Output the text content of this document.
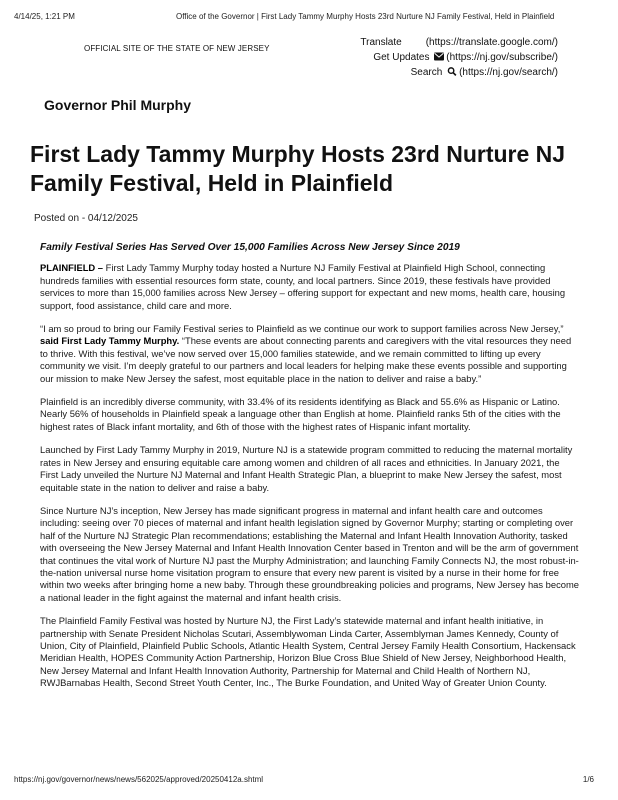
4/14/25, 1:21 PM	Office of the Governor | First Lady Tammy Murphy Hosts 23rd Nurture NJ Family Festival, Held in Plainfield
OFFICIAL SITE OF THE STATE OF NEW JERSEY
Translate (https://translate.google.com/)
Get Updates (https://nj.gov/subscribe/)
Search (https://nj.gov/search/)
Governor Phil Murphy
First Lady Tammy Murphy Hosts 23rd Nurture NJ Family Festival, Held in Plainfield
Posted on - 04/12/2025
Family Festival Series Has Served Over 15,000 Families Across New Jersey Since 2019

PLAINFIELD – First Lady Tammy Murphy today hosted a Nurture NJ Family Festival at Plainfield High School, connecting hundreds families with essential resources form state, county, and local partners. Since 2019, these festivals have provided services to more than 15,000 families across New Jersey – offering support for expectant and new moms, health care, housing support, food assistance, child care and more.

“I am so proud to bring our Family Festival series to Plainfield as we continue our work to support families across New Jersey,” said First Lady Tammy Murphy. “These events are about connecting parents and caregivers with the vital resources they need to thrive. With this festival, we’ve now served over 15,000 families statewide, and we remain committed to lifting up every community we visit. I’m deeply grateful to our partners and local leaders for helping make these events possible and supporting our mission to make New Jersey the safest, most equitable place in the nation to deliver and raise a baby.”

Plainfield is an incredibly diverse community, with 33.4% of its residents identifying as Black and 55.6% as Hispanic or Latino. Nearly 56% of households in Plainfield speak a language other than English at home. Plainfield ranks 5th of the cities with the highest rates of Black infant mortality, and 6th of those with the highest rates of Hispanic infant mortality.

Launched by First Lady Tammy Murphy in 2019, Nurture NJ is a statewide program committed to reducing the maternal mortality rates in New Jersey and ensuring equitable care among women and children of all races and ethnicities. In January 2021, the First Lady unveiled the Nurture NJ Maternal and Infant Health Strategic Plan, a blueprint to make New Jersey the safest, most equitable state in the nation to deliver and raise a baby.

Since Nurture NJ’s inception, New Jersey has made significant progress in maternal and infant health care and outcomes including: seeing over 70 pieces of maternal and infant health legislation signed by Governor Murphy; starting or completing over half of the Nurture NJ Strategic Plan recommendations; establishing the Maternal and Infant Health Innovation Authority, tasked with overseeing the New Jersey Maternal and Infant Health Innovation Center based in Trenton and will be the arm of government that continues the vital work of Nurture NJ past the Murphy Administration; and launching Family Connects NJ, the most robust-in-the-nation universal nurse home visitation program to ensure that every new parent is visited by a nurse in their home for free within two weeks after bringing home a new baby. Through these groundbreaking policies and programs, New Jersey has become a national leader in the fight against the maternal and infant health crisis.

The Plainfield Family Festival was hosted by Nurture NJ, the First Lady’s statewide maternal and infant health initiative, in partnership with Senate President Nicholas Scutari, Assemblywoman Linda Carter, Assemblyman James Kennedy, County of Union, City of Plainfield, Plainfield Public Schools, Atlantic Health System, Central Jersey Family Health Consortium, Hackensack Meridian Health, HOPES Community Action Partnership, Horizon Blue Cross Blue Shield of New Jersey, Neighborhood Health, New Jersey Maternal and Infant Health Innovation Authority, Partnership for Maternal and Child Health of Northern NJ, RWJBarnabas Health, Second Street Youth Center, Inc., The Burke Foundation, and United Way of Greater Union County.

https://nj.gov/governor/news/news/562025/approved/20250412a.shtml	1/6
